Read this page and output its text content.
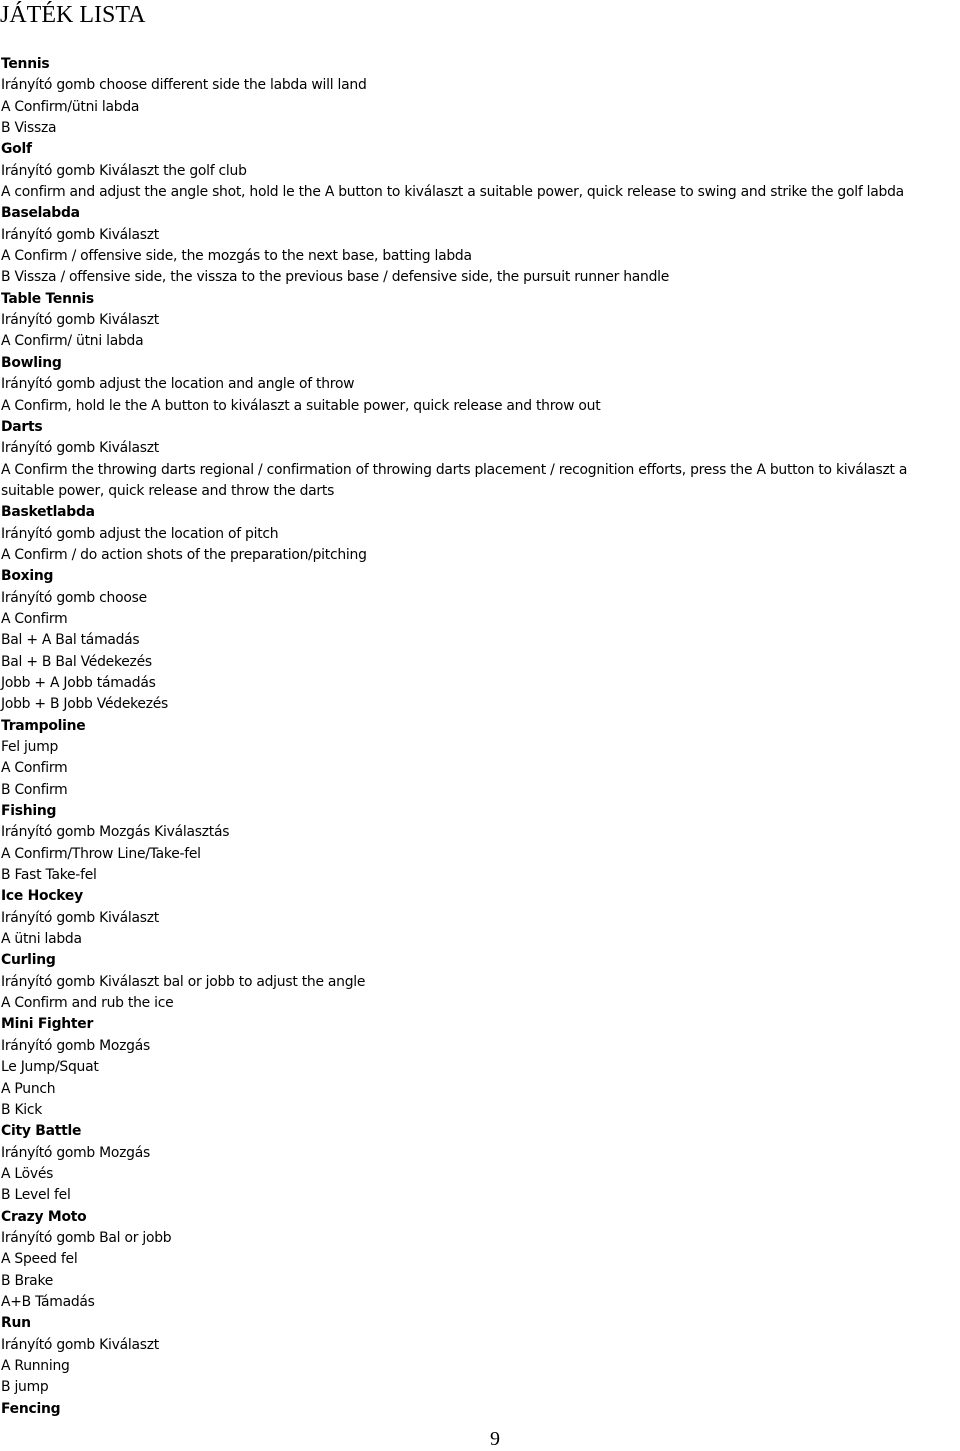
JÁTÉK LISTA
Tennis
Irányító gomb choose different side the labda will land
A Confirm/ütni labda
B Vissza
Golf
Irányító gomb Kiválaszt the golf club
A confirm and adjust the angle shot, hold le the A button to kiválaszt a suitable power, quick release to swing and strike the golf labda
Baselabda
Irányító gomb Kiválaszt
A Confirm / offensive side, the mozgás to the next base, batting labda
B Vissza / offensive side, the vissza to the previous base / defensive side, the pursuit runner handle
Table Tennis
Irányító gomb Kiválaszt
A Confirm/ ütni labda
Bowling
Irányító gomb adjust the location and angle of throw
A Confirm, hold le the A button to kiválaszt a suitable power, quick release and throw out
Darts
Irányító gomb Kiválaszt
A Confirm the throwing darts regional / confirmation of throwing darts placement / recognition efforts, press the A button to kiválaszt a suitable power, quick release and throw the darts
Basketlabda
Irányító gomb adjust the location of pitch
A Confirm / do action shots of the preparation/pitching
Boxing
Irányító gomb choose
A Confirm
Bal + A Bal támadás
Bal + B Bal Védekezés
Jobb + A Jobb támadás
Jobb + B Jobb Védekezés
Trampoline
Fel jump
A Confirm
B Confirm
Fishing
Irányító gomb Mozgás Kiválasztás
A Confirm/Throw Line/Take-fel
B Fast Take-fel
Ice Hockey
Irányító gomb Kiválaszt
A ütni labda
Curling
Irányító gomb Kiválaszt bal or jobb to adjust the angle
A Confirm and rub the ice
Mini Fighter
Irányító gomb Mozgás
Le Jump/Squat
A Punch
B Kick
City Battle
Irányító gomb Mozgás
A Lövés
B Level fel
Crazy Moto
Irányító gomb Bal or jobb
A Speed fel
B Brake
A+B Támadás
Run
Irányító gomb Kiválaszt
A Running
B jump
Fencing
9
